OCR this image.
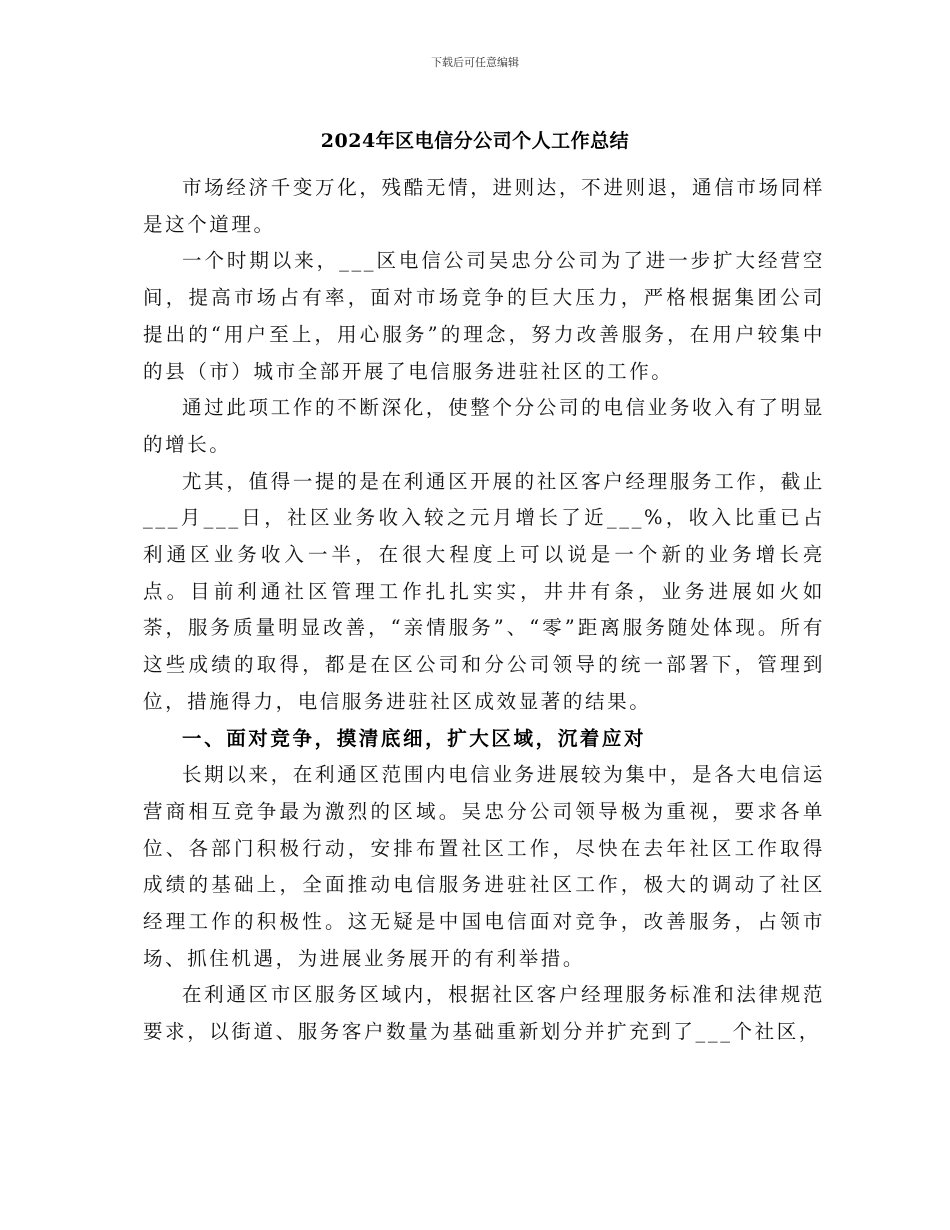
下载后可任意编辑
2024年区电信分公司个人工作总结

市场经济千变万化，残酷无情，进则达，不进则退，通信市场同样是这个道理。

一个时期以来，___区电信公司吴忠分公司为了进一步扩大经营空间，提高市场占有率，面对市场竞争的巨大压力，严格根据集团公司提出的“用户至上，用心服务”的理念，努力改善服务，在用户较集中的县（市）城市全部开展了电信服务进驻社区的工作。

通过此项工作的不断深化，使整个分公司的电信业务收入有了明显的增长。

尤其，值得一提的是在利通区开展的社区客户经理服务工作，截止___月___日，社区业务收入较之元月增长了近___%，收入比重已占利通区业务收入一半，在很大程度上可以说是一个新的业务增长亮点。目前利通社区管理工作扎扎实实，井井有条，业务进展如火如荼，服务质量明显改善，“亲情服务”、“零”距离服务随处体现。所有这些成绩的取得，都是在区公司和分公司领导的统一部署下，管理到位，措施得力，电信服务进驻社区成效显著的结果。

一、面对竞争，摸清底细，扩大区域，沉着应对

长期以来，在利通区范围内电信业务进展较为集中，是各大电信运营商相互竞争最为激烈的区域。吴忠分公司领导极为重视，要求各单位、各部门积极行动，安排布置社区工作，尽快在去年社区工作取得成绩的基础上，全面推动电信服务进驻社区工作，极大的调动了社区经理工作的积极性。这无疑是中国电信面对竞争，改善服务，占领市场、抓住机遇，为进展业务展开的有利举措。

在利通区市区服务区域内，根据社区客户经理服务标准和法律规范要求，以街道、服务客户数量为基础重新划分并扩充到了___个社区，
